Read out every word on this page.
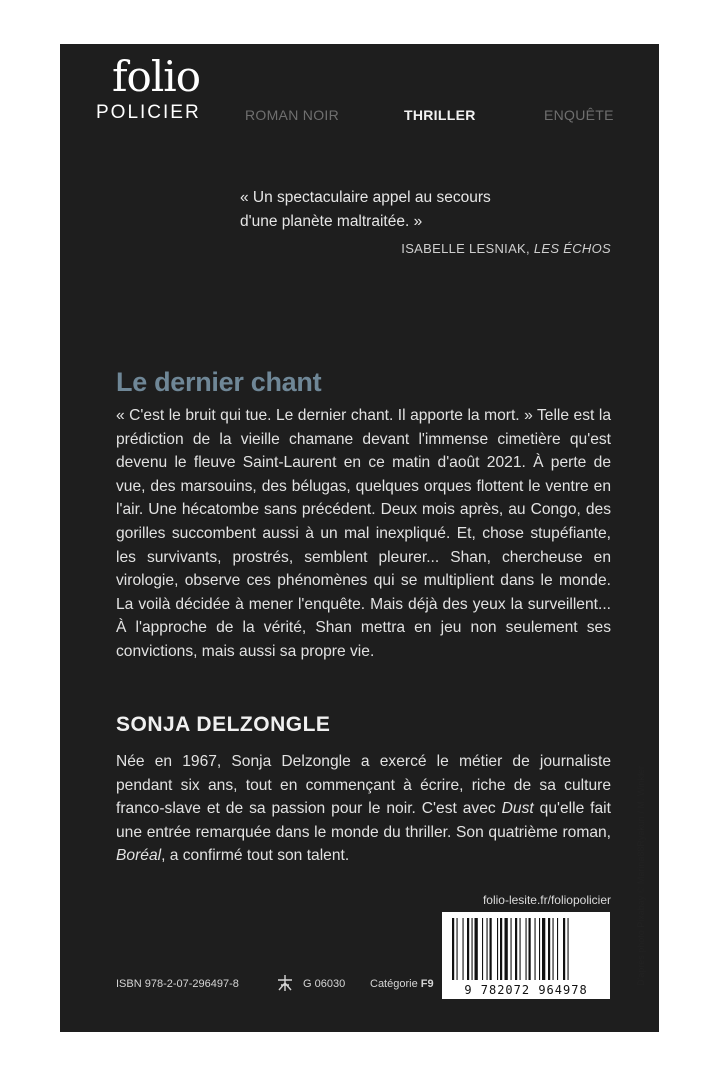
folio
POLICIER	ROMAN NOIR	THRILLER	ENQUÊTE
« Un spectaculaire appel au secours
d'une planète maltraitée. »
ISABELLE LESNIAK, LES ÉCHOS
Le dernier chant
« C'est le bruit qui tue. Le dernier chant. Il apporte la mort. » Telle est la prédiction de la vieille chamane devant l'immense cimetière qu'est devenu le fleuve Saint-Laurent en ce matin d'août 2021. À perte de vue, des marsouins, des bélugas, quelques orques flottent le ventre en l'air. Une hécatombe sans précédent. Deux mois après, au Congo, des gorilles succombent aussi à un mal inexpliqué. Et, chose stupéfiante, les survivants, prostrés, semblent pleurer... Shan, chercheuse en virologie, observe ces phénomènes qui se multiplient dans le monde. La voilà décidée à mener l'enquête. Mais déjà des yeux la surveillent... À l'approche de la vérité, Shan mettra en jeu non seulement ses convictions, mais aussi sa propre vie.
SONJA DELZONGLE
Née en 1967, Sonja Delzongle a exercé le métier de journaliste pendant six ans, tout en commençant à écrire, riche de sa culture franco-slave et de sa passion pour le noir. C'est avec Dust qu'elle fait une entrée remarquée dans le monde du thriller. Son quatrième roman, Boréal, a confirmé tout son talent.
folio-lesite.fr/foliopolicier
ISBN 978-2-07-296497-8	G 06030 Catégorie F9	9 782072 964978
D'après photo Pixabay © Marina88Ryakun / M. Winkler
